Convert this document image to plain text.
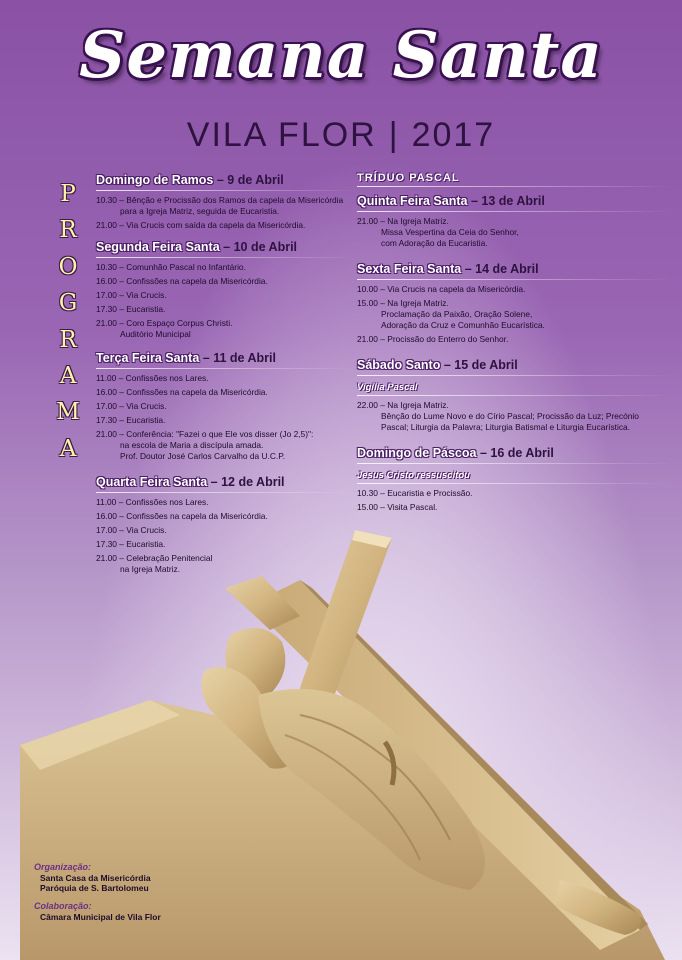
Semana Santa
VILA FLOR | 2017
P
R
O
G
R
A
M
A
Domingo de Ramos – 9 de Abril
10.30 – Bênção e Procissão dos Ramos da capela da Misericórdia
para a Igreja Matriz, seguida de Eucaristia.
21.00 – Via Crucis com saída da capela da Misericórdia.
Segunda Feira Santa – 10 de Abril
10.30 – Comunhão Pascal no Infantário.
16.00 – Confissões na capela da Misericórdia.
17.00 – Via Crucis.
17.30 – Eucaristia.
21.00 – Coro Espaço Corpus Christi.
Auditório Municipal
Terça Feira Santa – 11 de Abril
11.00 – Confissões nos Lares.
16.00 – Confissões na capela da Misericórdia.
17.00 – Via Crucis.
17.30 – Eucaristia.
21.00 – Conferência: "Fazei o que Ele vos disser (Jo 2,5)":
na escola de Maria a discípula amada.
Prof. Doutor José Carlos Carvalho da U.C.P.
Quarta Feira Santa – 12 de Abril
11.00 – Confissões nos Lares.
16.00 – Confissões na capela da Misericórdia.
17.00 – Via Crucis.
17.30 – Eucaristia.
21.00 – Celebração Penitencial
na Igreja Matriz.
TRÍDUO PASCAL
Quinta Feira Santa – 13 de Abril
21.00 – Na Igreja Matriz.
Missa Vespertina da Ceia do Senhor,
com Adoração da Eucaristia.
Sexta Feira Santa – 14 de Abril
10.00 – Via Crucis na capela da Misericórdia.
15.00 – Na Igreja Matriz.
Proclamação da Paixão, Oração Solene,
Adoração da Cruz e Comunhão Eucarística.
21.00 – Procissão do Enterro do Senhor.
Sábado Santo – 15 de Abril
Vigília Pascal
22.00 – Na Igreja Matriz.
Bênção do Lume Novo e do Círio Pascal; Procissão da Luz; Precónio
Pascal; Liturgia da Palavra; Liturgia Batismal e Liturgia Eucarística.
Domingo de Páscoa – 16 de Abril
Jesus Cristo ressuscitou
10.30 – Eucaristia e Procissão.
15.00 – Visita Pascal.
Organização:
Santa Casa da Misericórdia
Paróquia de S. Bartolomeu
Colaboração:
Câmara Municipal de Vila Flor
